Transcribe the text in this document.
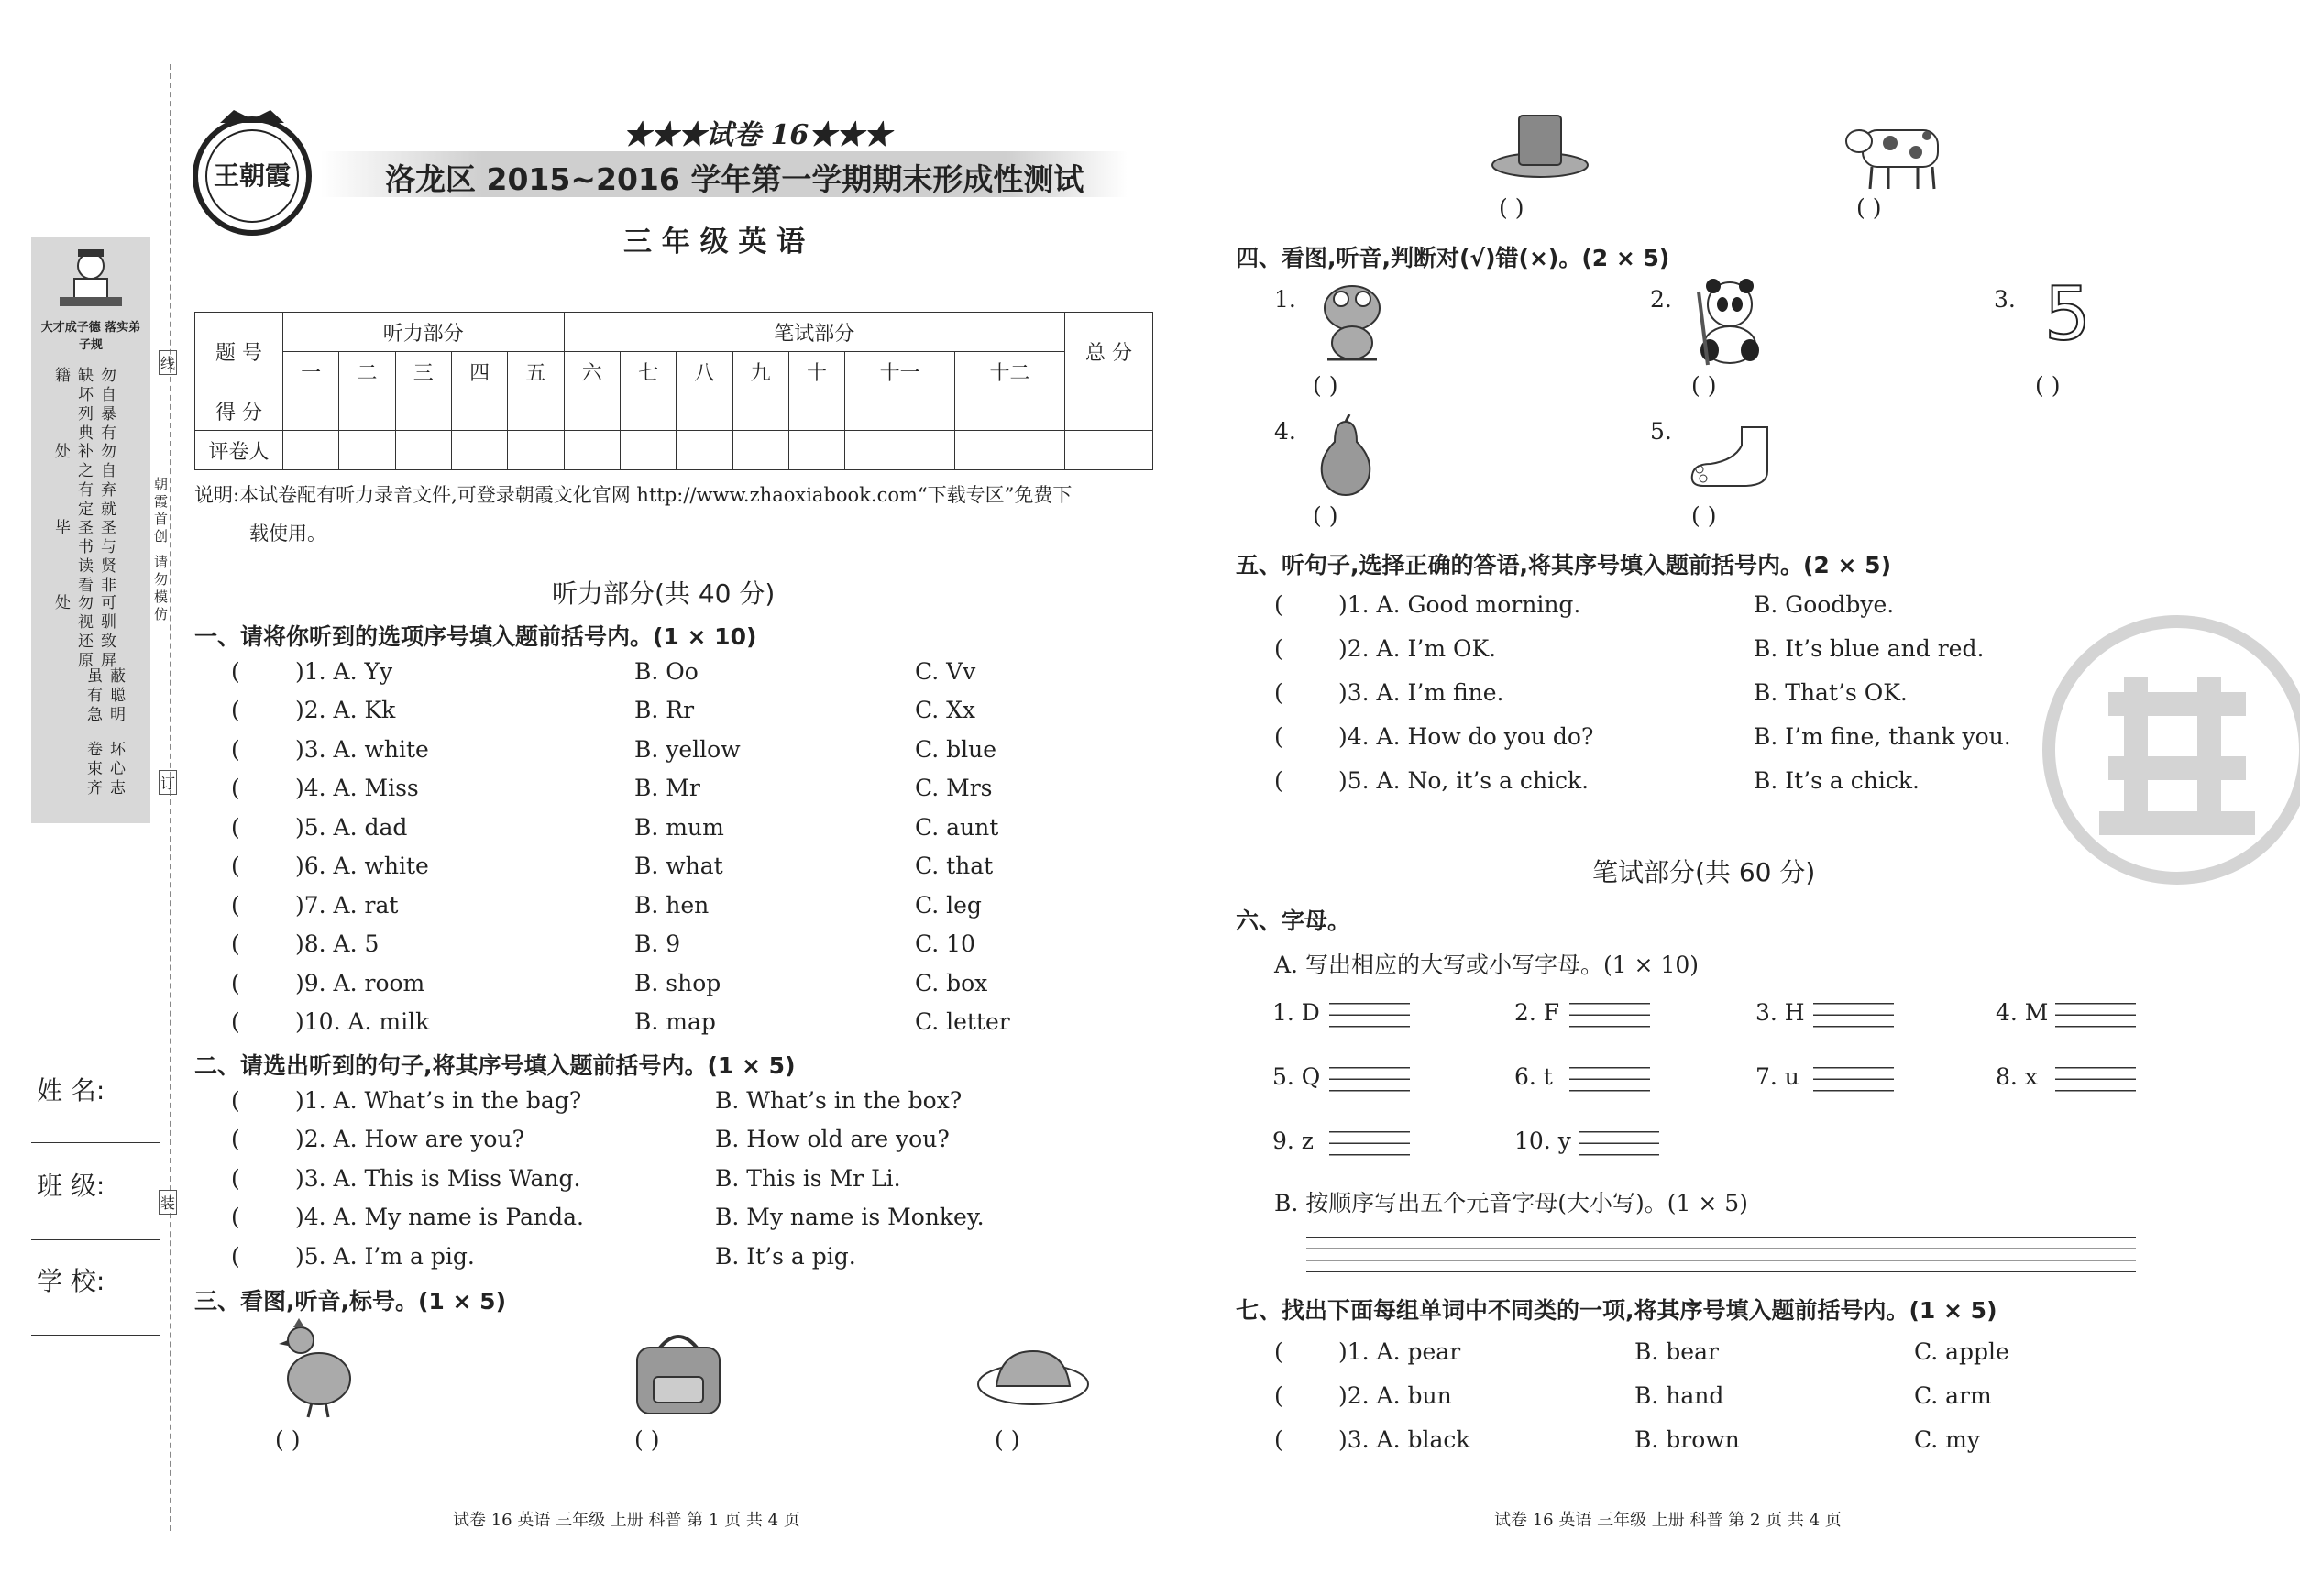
大才成子德 落实弟子规
勿自暴有缺坏列典籍
勿自弃就补之有定处
圣与贤非圣书读看毕
可驯致屏勿视还原处
蔽聪明虽有急
坏心志卷束齐
朝霞首创 请勿模仿
线
订
装
姓 名:
班 级:
学 校:
王朝霞
★★★试卷 16★★★
洛龙区 2015~2016 学年第一学期期末形成性测试
三 年 级 英 语
题 号	听力部分					笔试部分							总 分
	一	二	三	四	五	六	七	八	九	十	十一	十二	
得 分													
评卷人													
说明:本试卷配有听力录音文件,可登录朝霞文化官网 http://www.zhaoxiabook.com“下载专区”免费下
载使用。
听力部分(共 40 分)
一、请将你听到的选项序号填入题前括号内。(1 × 10)
( )1. A. Yy	B. Oo	C. Vv
( )2. A. Kk	B. Rr	C. Xx
( )3. A. white	B. yellow	C. blue
( )4. A. Miss	B. Mr	C. Mrs
( )5. A. dad	B. mum	C. aunt
( )6. A. white	B. what	C. that
( )7. A. rat	B. hen	C. leg
( )8. A. 5	B. 9	C. 10
( )9. A. room	B. shop	C. box
( )10. A. milk	B. map	C. letter
二、请选出听到的句子,将其序号填入题前括号内。(1 × 5)
( )1. A. What’s in the bag?	B. What’s in the box?
( )2. A. How are you?	B. How old are you?
( )3. A. This is Miss Wang.	B. This is Mr Li.
( )4. A. My name is Panda.	B. My name is Monkey.
( )5. A. I’m a pig.	B. It’s a pig.
三、看图,听音,标号。(1 × 5)
( )	( )	( )
( )	( )
四、看图,听音,判断对(√)错(×)。(2 × 5)
1.
( )
2.
( )
3. 5
( )
4.
( )
5.
( )
五、听句子,选择正确的答语,将其序号填入题前括号内。(2 × 5)
( )1. A. Good morning.	B. Goodbye.
( )2. A. I’m OK.	B. It’s blue and red.
( )3. A. I’m fine.	B. That’s OK.
( )4. A. How do you do?	B. I’m fine, thank you.
( )5. A. No, it’s a chick.	B. It’s a chick.
笔试部分(共 60 分)
六、字母。
A. 写出相应的大写或小写字母。(1 × 10)
1. D	2. F	3. H	4. M
5. Q	6. t	7. u	8. x
9. z	10. y
B. 按顺序写出五个元音字母(大小写)。(1 × 5)
七、找出下面每组单词中不同类的一项,将其序号填入题前括号内。(1 × 5)
( )1. A. pear	B. bear	C. apple
( )2. A. bun	B. hand	C. arm
( )3. A. black	B. brown	C. my
试卷 16 英语 三年级 上册 科普 第 1 页 共 4 页	试卷 16 英语 三年级 上册 科普 第 2 页 共 4 页
